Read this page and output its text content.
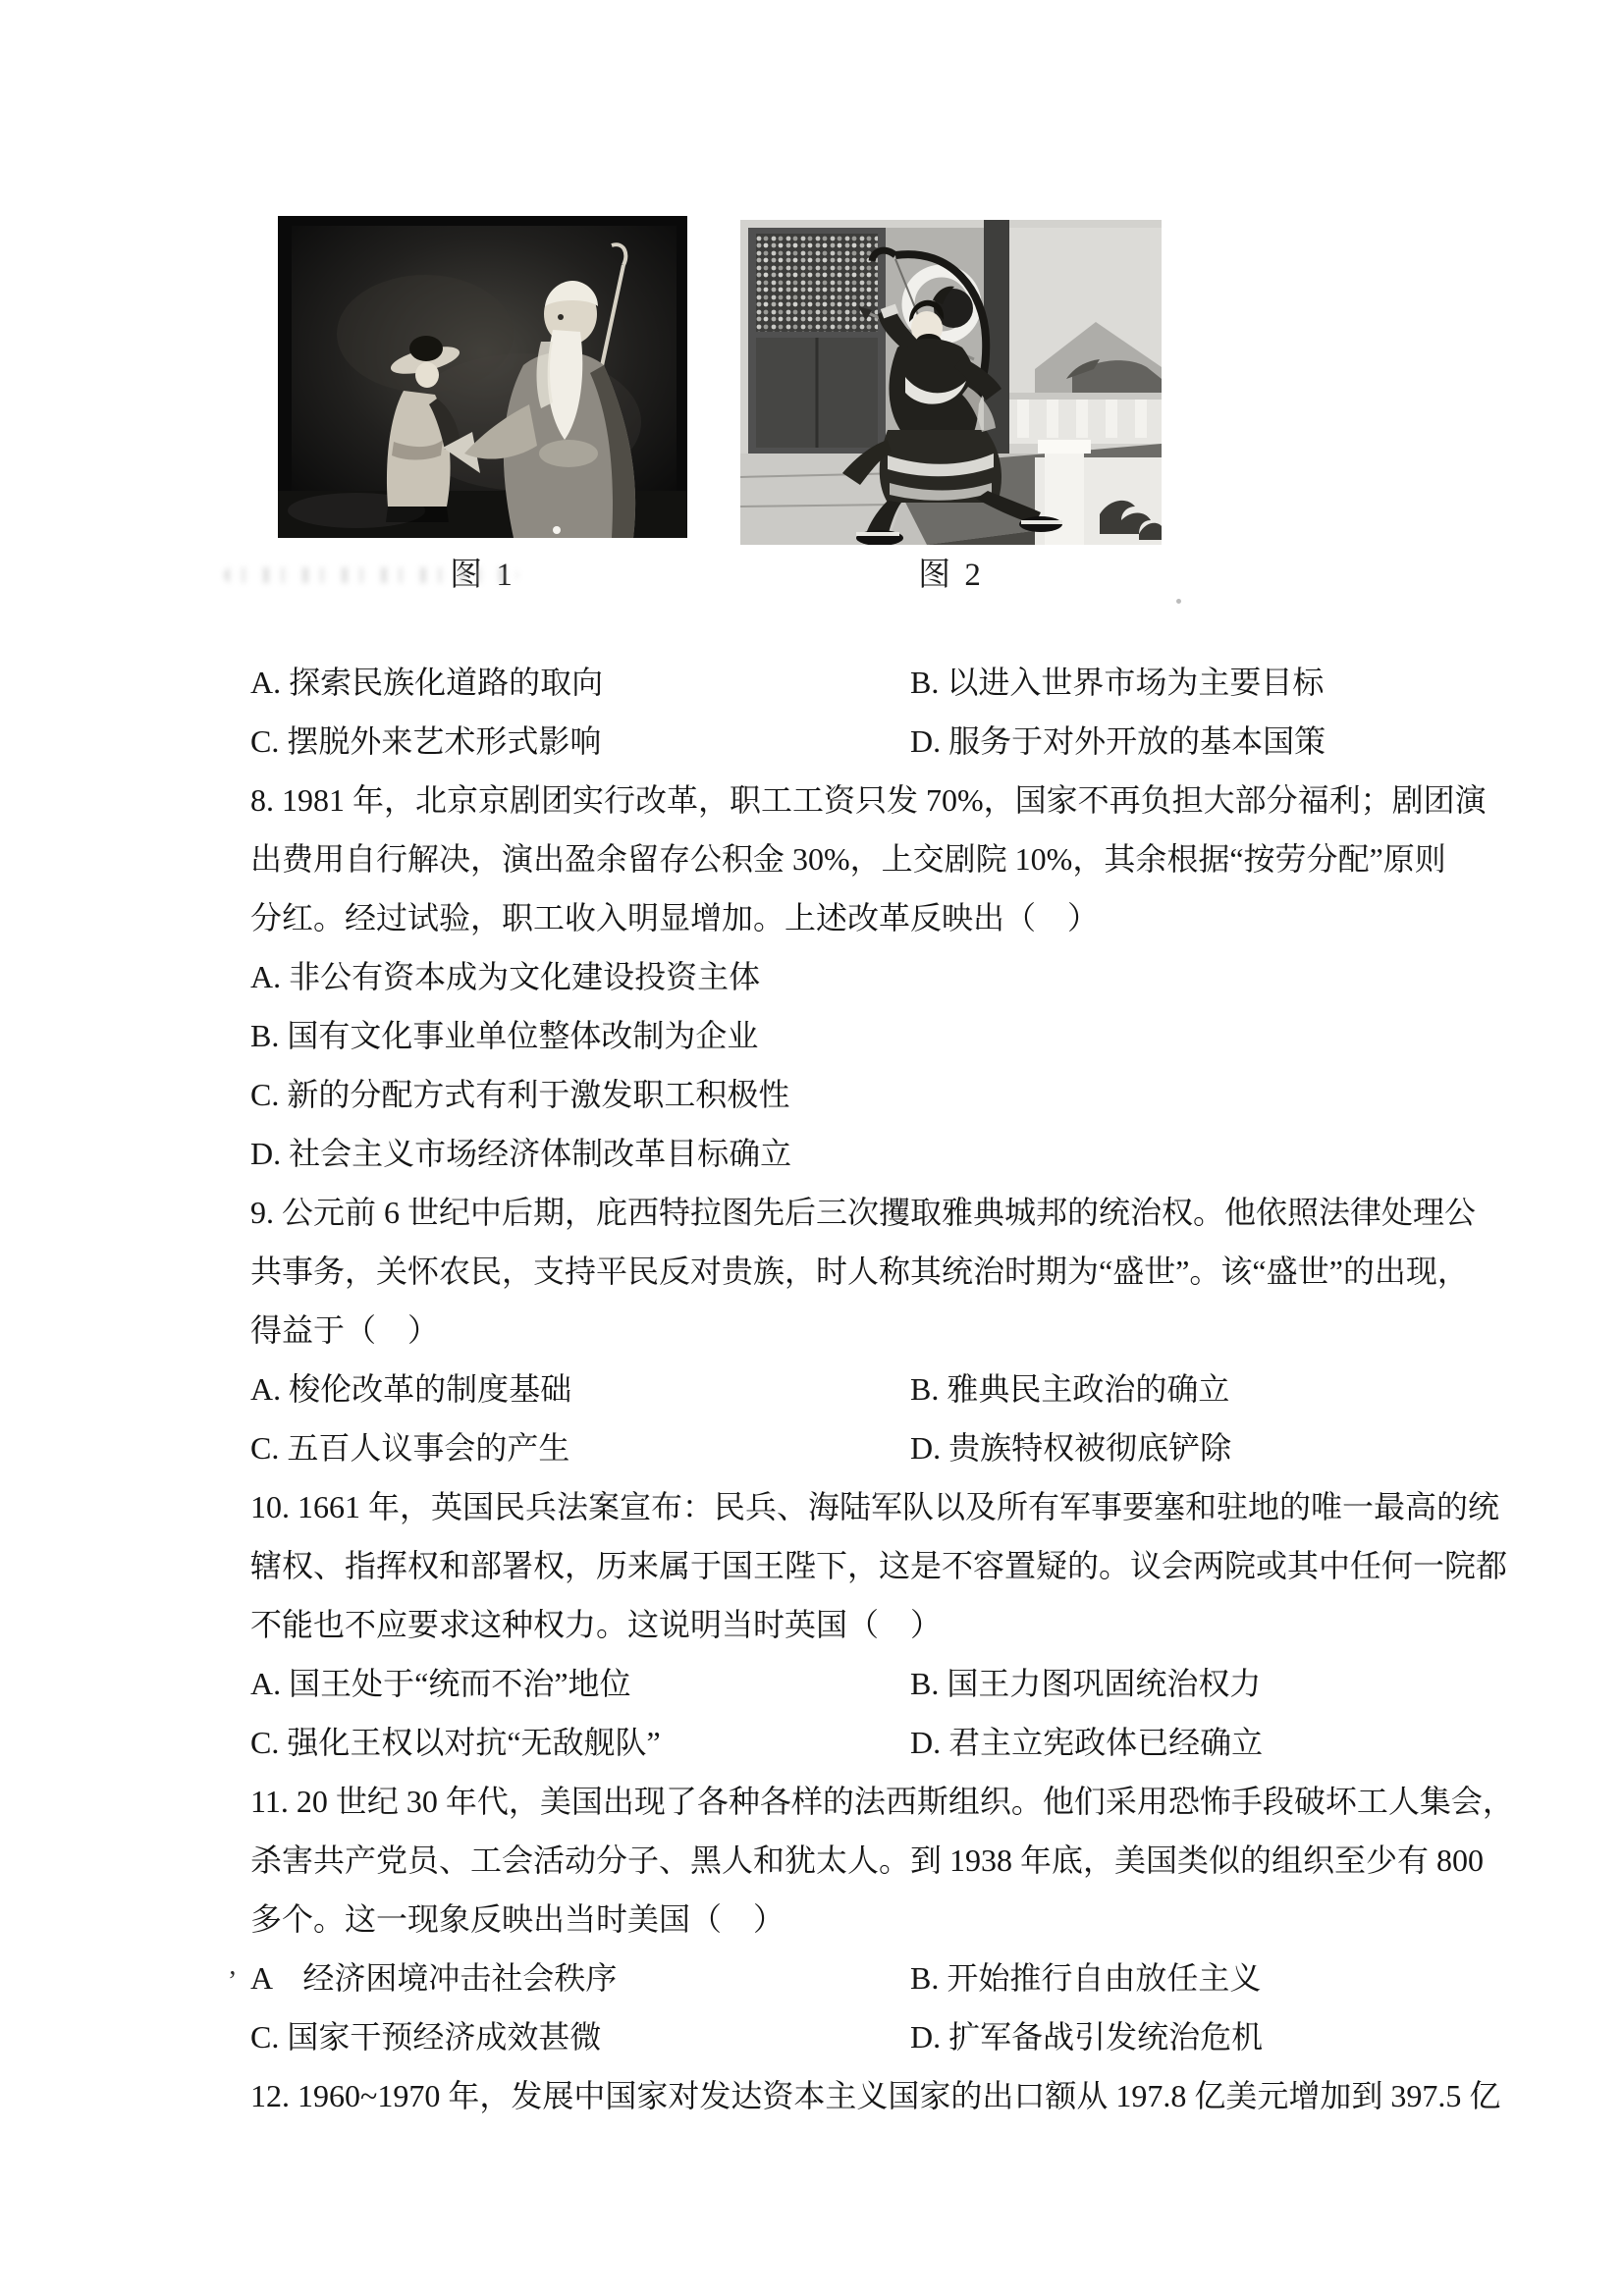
图 1	图 2
A. 探索民族化道路的取向	B. 以进入世界市场为主要目标
C. 摆脱外来艺术形式影响	D. 服务于对外开放的基本国策
8. 1981 年，北京京剧团实行改革，职工工资只发 70%，国家不再负担大部分福利；剧团演
出费用自行解决，演出盈余留存公积金 30%，上交剧院 10%，其余根据“按劳分配”原则
分红。经过试验，职工收入明显增加。上述改革反映出（　）
A. 非公有资本成为文化建设投资主体
B. 国有文化事业单位整体改制为企业
C. 新的分配方式有利于激发职工积极性
D. 社会主义市场经济体制改革目标确立
9. 公元前 6 世纪中后期，庇西特拉图先后三次攫取雅典城邦的统治权。他依照法律处理公
共事务，关怀农民，支持平民反对贵族，时人称其统治时期为“盛世”。该“盛世”的出现，
得益于（　）
A. 梭伦改革的制度基础	B. 雅典民主政治的确立
C. 五百人议事会的产生	D. 贵族特权被彻底铲除
10. 1661 年，英国民兵法案宣布：民兵、海陆军队以及所有军事要塞和驻地的唯一最高的统
辖权、指挥权和部署权，历来属于国王陛下，这是不容置疑的。议会两院或其中任何一院都
不能也不应要求这种权力。这说明当时英国（　）
A. 国王处于“统而不治”地位	B. 国王力图巩固统治权力
C. 强化王权以对抗“无敌舰队”	D. 君主立宪政体已经确立
11. 20 世纪 30 年代，美国出现了各种各样的法西斯组织。他们采用恐怖手段破坏工人集会，
杀害共产党员、工会活动分子、黑人和犹太人。到 1938 年底，美国类似的组织至少有 800
多个。这一现象反映出当时美国（　）
A　经济困境冲击社会秩序	B. 开始推行自由放任主义
C. 国家干预经济成效甚微	D. 扩军备战引发统治危机
12. 1960~1970 年，发展中国家对发达资本主义国家的出口额从 197.8 亿美元增加到 397.5 亿
’
